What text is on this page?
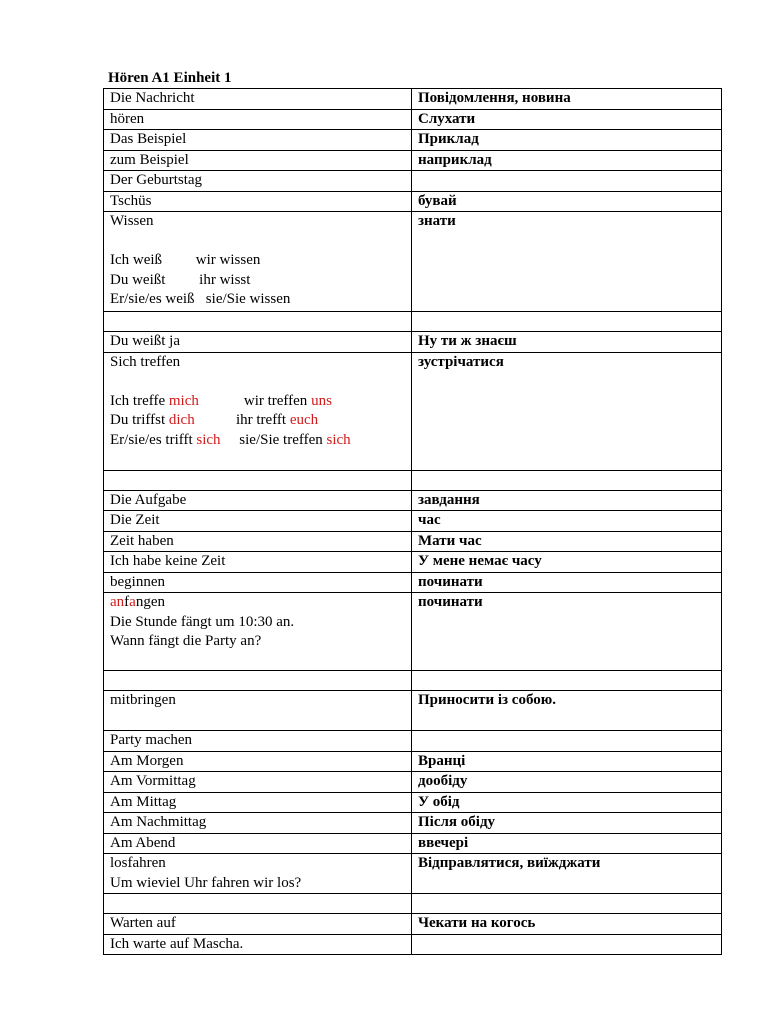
Hören A1 Einheit 1
Die Nachricht	Повідомлення, новина

hören	Слухати

Das Beispiel	Приклад

zum Beispiel	наприклад

Der Geburtstag	

Tschüs	бувай

Wissen
Ich weiß         wir wissen
Du weißt         ihr wisst
Er/sie/es weiß   sie/Sie wissen	знати

Du weißt ja	Ну ти ж знаєш

Sich treffen
Ich treffe mich            wir treffen uns
Du triffst dich           ihr trefft euch
Er/sie/es trifft sich     sie/Sie treffen sich	зустрічатися

Die Aufgabe	завдання

Die Zeit	час

Zeit haben	Мати час

Ich habe keine Zeit	У мене немає часу

beginnen	починати

anfangen
Die Stunde fängt um 10:30 an.
Wann fängt die Party an?	починати

mitbringen	Приносити із собою.

Party machen	

Am Morgen	Вранці

Am Vormittag	дообіду

Am Mittag	У обід

Am Nachmittag	Після обіду

Am Abend	ввечері

losfahren
Um wieviel Uhr fahren wir los?	Відправлятися, виїжджати

Warten auf	Чекати на когось

Ich warte auf Mascha.	
